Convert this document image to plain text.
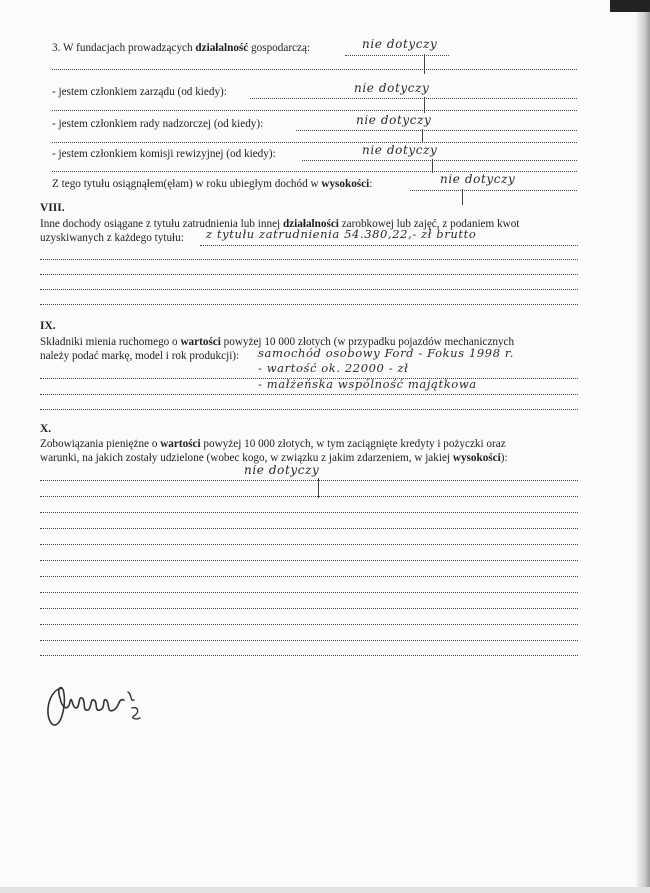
3. W fundacjach prowadzących działalność gospodarczą:	nie dotyczy
- jestem członkiem zarządu (od kiedy):	nie dotyczy
- jestem członkiem rady nadzorczej (od kiedy):	nie dotyczy
- jestem członkiem komisji rewizyjnej (od kiedy):	nie dotyczy
Z tego tytułu osiągnąłem(ęłam) w roku ubiegłym dochód w wysokości:	nie dotyczy
VIII.
Inne dochody osiągane z tytułu zatrudnienia lub innej działalności zarobkowej lub zajęć, z podaniem kwot
uzyskiwanych z każdego tytułu: z tytułu zatrudnienia 54.380,22,- zł brutto
IX.
Składniki mienia ruchomego o wartości powyżej 10 000 złotych (w przypadku pojazdów mechanicznych
należy podać markę, model i rok produkcji): samochód osobowy Ford - Fokus 1998 r.
- wartość ok. 22000 - zł
- małżeńska wspólność majątkowa
X.
Zobowiązania pieniężne o wartości powyżej 10 000 złotych, w tym zaciągnięte kredyty i pożyczki oraz
warunki, na jakich zostały udzielone (wobec kogo, w związku z jakim zdarzeniem, w jakiej wysokości):
nie dotyczy
